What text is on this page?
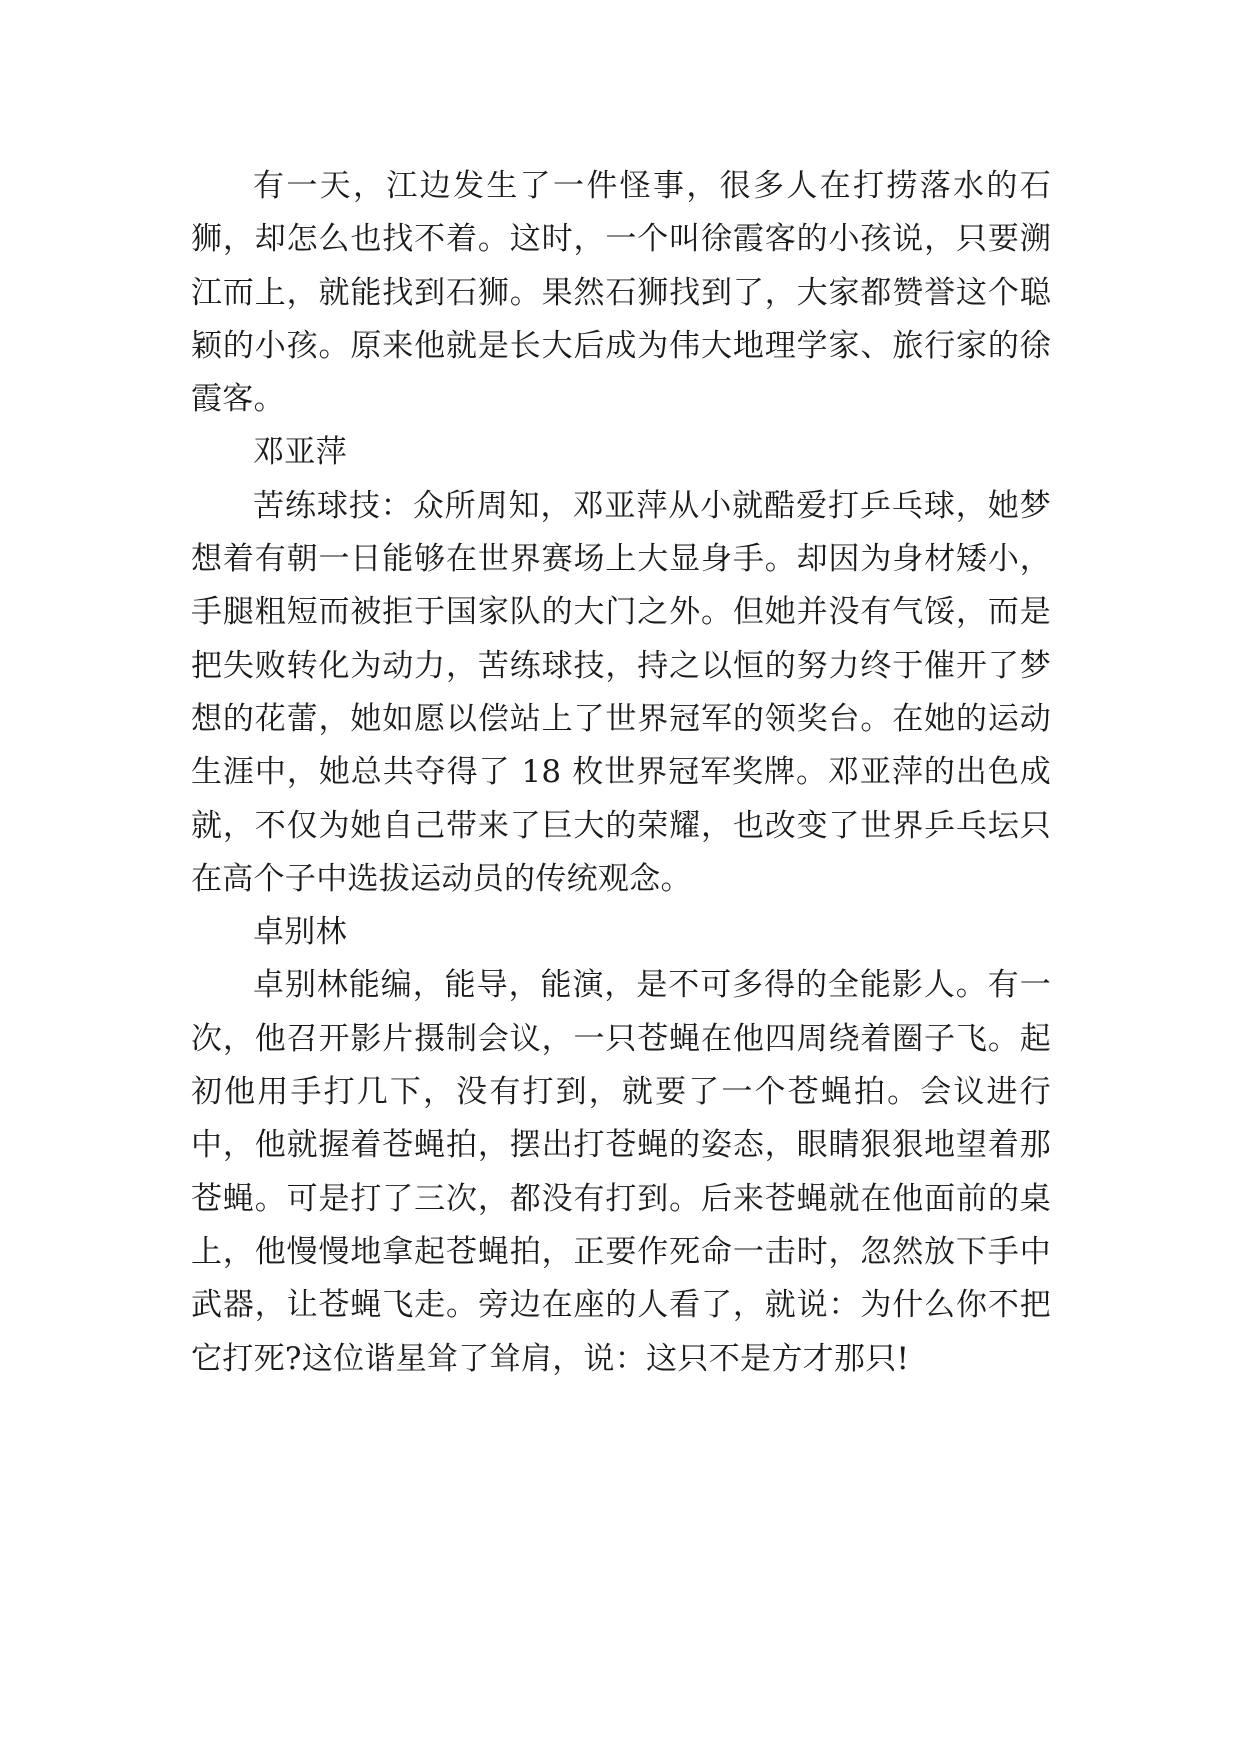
有一天，江边发生了一件怪事，很多人在打捞落水的石狮，却怎么也找不着。这时，一个叫徐霞客的小孩说，只要溯江而上，就能找到石狮。果然石狮找到了，大家都赞誉这个聪颖的小孩。原来他就是长大后成为伟大地理学家、旅行家的徐霞客。

邓亚萍

苦练球技：众所周知，邓亚萍从小就酷爱打乒乓球，她梦想着有朝一日能够在世界赛场上大显身手。却因为身材矮小，手腿粗短而被拒于国家队的大门之外。但她并没有气馁，而是把失败转化为动力，苦练球技，持之以恒的努力终于催开了梦想的花蕾，她如愿以偿站上了世界冠军的领奖台。在她的运动生涯中，她总共夺得了 18 枚世界冠军奖牌。邓亚萍的出色成就，不仅为她自己带来了巨大的荣耀，也改变了世界乒乓坛只在高个子中选拔运动员的传统观念。

卓别林

卓别林能编，能导，能演，是不可多得的全能影人。有一次，他召开影片摄制会议，一只苍蝇在他四周绕着圈子飞。起初他用手打几下，没有打到，就要了一个苍蝇拍。会议进行中，他就握着苍蝇拍，摆出打苍蝇的姿态，眼睛狠狠地望着那苍蝇。可是打了三次，都没有打到。后来苍蝇就在他面前的桌上，他慢慢地拿起苍蝇拍，正要作死命一击时，忽然放下手中武器，让苍蝇飞走。旁边在座的人看了，就说：为什么你不把它打死?这位谐星耸了耸肩，说：这只不是方才那只!
